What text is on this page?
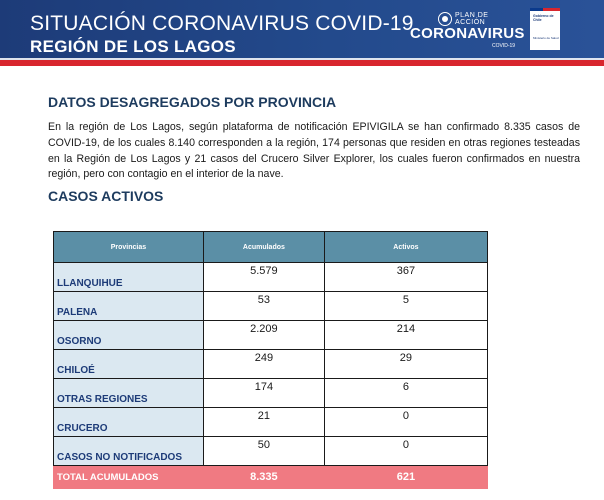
SITUACIÓN CORONAVIRUS COVID-19
REGIÓN DE LOS LAGOS
PLAN DE ACCIÓN
CORONAVIRUS
COVID-19
Gobierno de Chile
Ministerio de Salud
DATOS DESAGREGADOS POR PROVINCIA
En la región de Los Lagos, según plataforma de notificación EPIVIGILA se han confirmado 8.335 casos de COVID-19, de los cuales 8.140 corresponden a la región, 174 personas que residen en otras regiones testeadas en la Región de Los Lagos y 21 casos del Crucero Silver Explorer, los cuales fueron confirmados en nuestra región, pero con contagio en el interior de la nave.
CASOS ACTIVOS
Provincias	Acumulados	Activos
LLANQUIHUE	5.579	367
PALENA	53	5
OSORNO	2.209	214
CHILOÉ	249	29
OTRAS REGIONES	174	6
CRUCERO	21	0
CASOS NO NOTIFICADOS	50	0
TOTAL ACUMULADOS	8.335	621
